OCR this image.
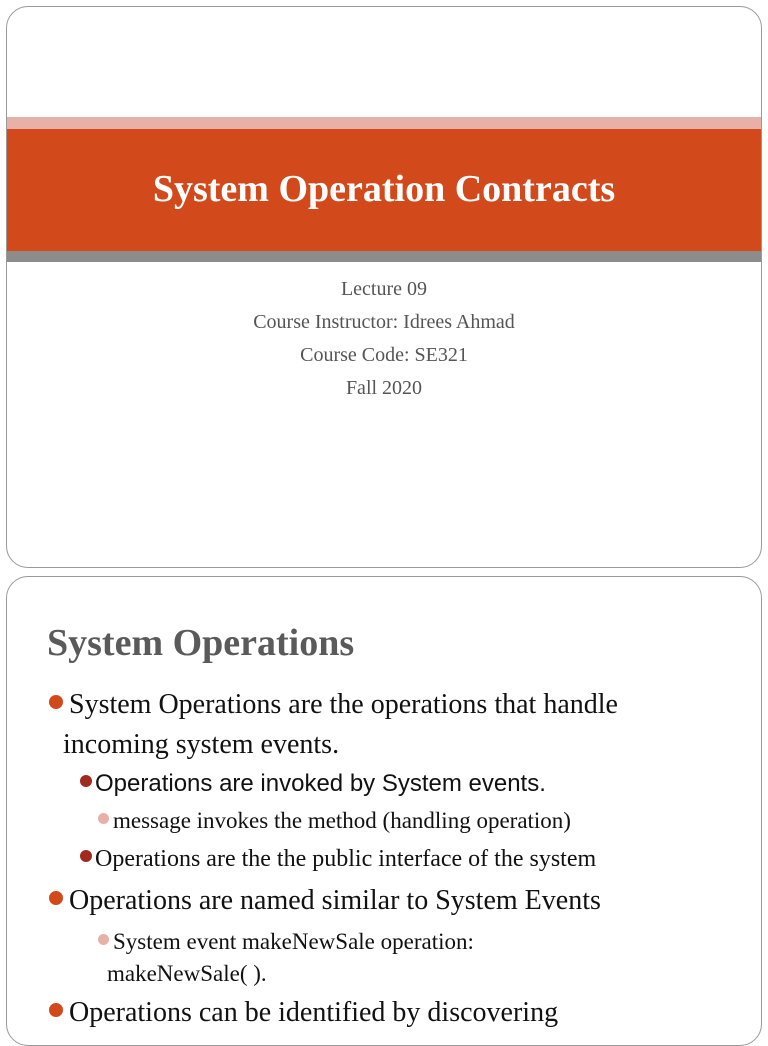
System Operation Contracts
Lecture 09
Course Instructor: Idrees Ahmad
Course Code: SE321
Fall 2020
System Operations
System Operations are the operations that handle
incoming system events.
Operations are invoked by System events.
message invokes the method (handling operation)
Operations are the the public interface of the system
Operations are named similar to System Events
System event makeNewSale operation:
makeNewSale( ).
Operations can be identified by discovering
